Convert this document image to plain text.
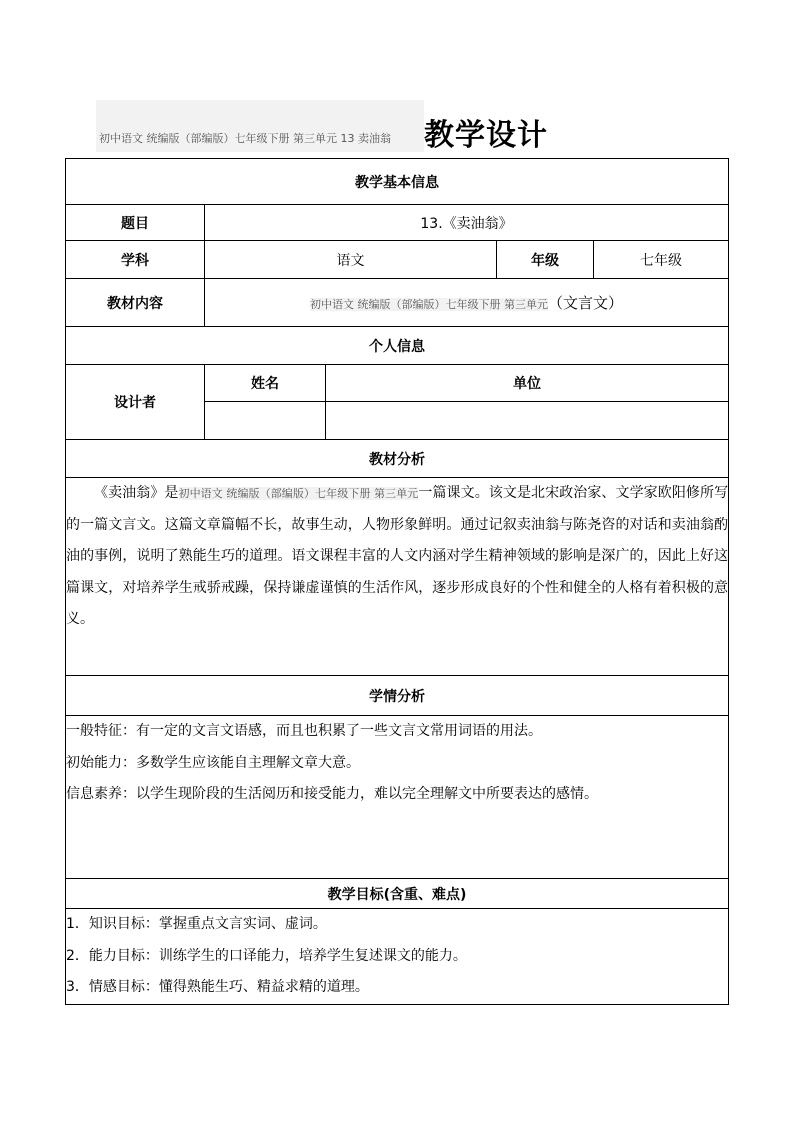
初中语文 统编版（部编版）七年级下册 第三单元 13 卖油翁	教学设计
教学基本信息				
题目	13.《卖油翁》			
学科	语文		年级	七年级
教材内容	初中语文 统编版（部编版）七年级下册 第三单元（文言文）			
个人信息				
设计者	姓名	单位		

教材分析				
《卖油翁》是初中语文 统编版（部编版）七年级下册 第三单元一篇课文。该文是北宋政治家、文学家欧阳修所写的一篇文言文。这篇文章篇幅不长，故事生动，人物形象鲜明。通过记叙卖油翁与陈尧咨的对话和卖油翁酌油的事例，说明了熟能生巧的道理。语文课程丰富的人文内涵对学生精神领域的影响是深广的，因此上好这篇课文，对培养学生戒骄戒躁，保持谦虚谨慎的生活作风，逐步形成良好的个性和健全的人格有着积极的意义。				
学情分析				

一般特征：有一定的文言文语感，而且也积累了一些文言文常用词语的用法。
初始能力：多数学生应该能自主理解文章大意。
信息素养：以学生现阶段的生活阅历和接受能力，难以完全理解文中所要表达的感情。				

教学目标(含重、难点)				

1．知识目标：掌握重点文言实词、虚词。
2．能力目标：训练学生的口译能力，培养学生复述课文的能力。
3．情感目标：懂得熟能生巧、精益求精的道理。				
